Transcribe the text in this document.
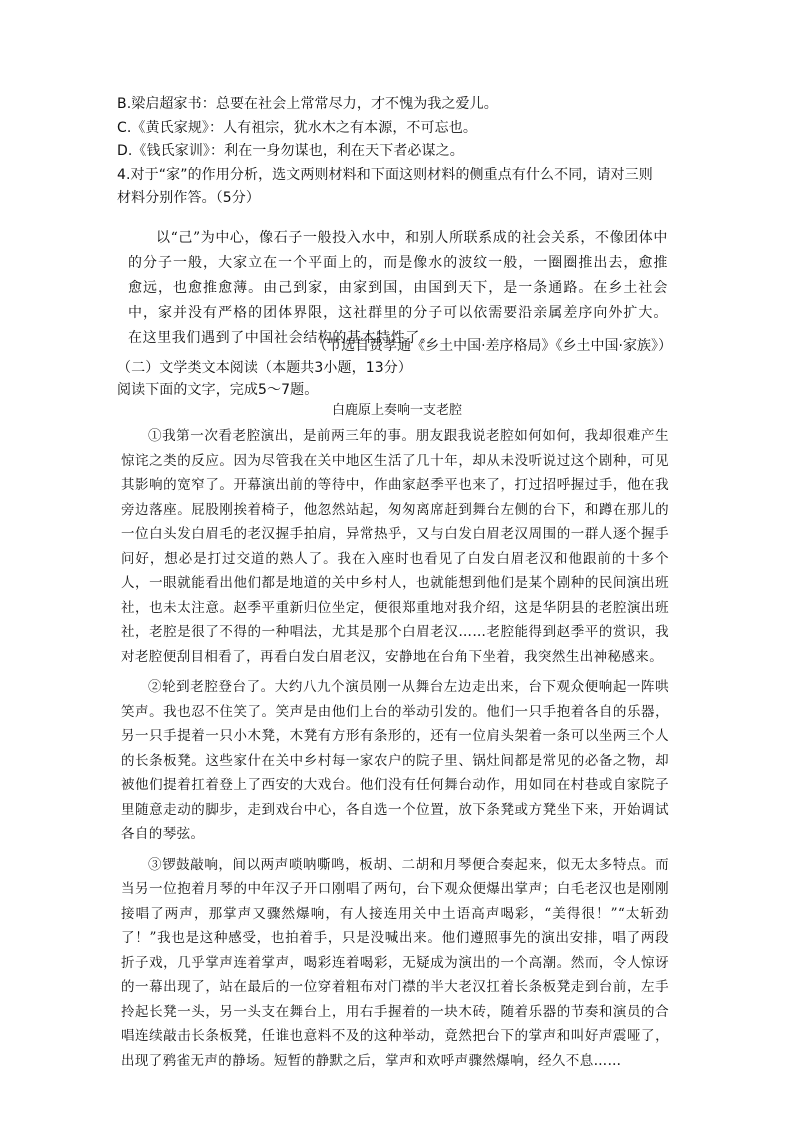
B.梁启超家书：总要在社会上常常尽力，才不愧为我之爱儿。
C.《黄氏家规》：人有祖宗，犹水木之有本源，不可忘也。
D.《钱氏家训》：利在一身勿谋也，利在天下者必谋之。
4.对于“家”的作用分析，选文两则材料和下面这则材料的侧重点有什么不同，请对三则
材料分别作答。（5分）
以“己”为中心，像石子一般投入水中，和别人所联系成的社会关系，不像团体中的分子一般，大家立在一个平面上的，而是像水的波纹一般，一圈圈推出去，愈推愈远，也愈推愈薄。由己到家，由家到国，由国到天下，是一条通路。在乡土社会中，家并没有严格的团体界限，这社群里的分子可以依需要沿亲属差序向外扩大。在这里我们遇到了中国社会结构的基本特性了。
（节选自费孝通《乡土中国·差序格局》《乡土中国·家族》）
（二）文学类文本阅读（本题共3小题，13分）
阅读下面的文字，完成5～7题。
白鹿原上奏响一支老腔

①我第一次看老腔演出，是前两三年的事。朋友跟我说老腔如何如何，我却很难产生惊诧之类的反应。因为尽管我在关中地区生活了几十年，却从未没听说过这个剧种，可见其影响的宽窄了。开幕演出前的等待中，作曲家赵季平也来了，打过招呼握过手，他在我旁边落座。屁股刚挨着椅子，他忽然站起，匆匆离席赶到舞台左侧的台下，和蹲在那儿的一位白头发白眉毛的老汉握手拍肩，异常热乎，又与白发白眉老汉周围的一群人逐个握手问好，想必是打过交道的熟人了。我在入座时也看见了白发白眉老汉和他跟前的十多个人，一眼就能看出他们都是地道的关中乡村人，也就能想到他们是某个剧种的民间演出班社，也未太注意。赵季平重新归位坐定，便很郑重地对我介绍，这是华阴县的老腔演出班社，老腔是很了不得的一种唱法，尤其是那个白眉老汉……老腔能得到赵季平的赏识，我对老腔便刮目相看了，再看白发白眉老汉，安静地在台角下坐着，我突然生出神秘感来。

②轮到老腔登台了。大约八九个演员刚一从舞台左边走出来，台下观众便响起一阵哄笑声。我也忍不住笑了。笑声是由他们上台的举动引发的。他们一只手抱着各自的乐器，另一只手提着一只小木凳，木凳有方形有条形的，还有一位肩头架着一条可以坐两三个人的长条板凳。这些家什在关中乡村每一家农户的院子里、锅灶间都是常见的必备之物，却被他们提着扛着登上了西安的大戏台。他们没有任何舞台动作，用如同在村巷或自家院子里随意走动的脚步，走到戏台中心，各自选一个位置，放下条凳或方凳坐下来，开始调试各自的琴弦。

③锣鼓敲响，间以两声唢呐嘶鸣，板胡、二胡和月琴便合奏起来，似无太多特点。而当另一位抱着月琴的中年汉子开口刚唱了两句，台下观众便爆出掌声；白毛老汉也是刚刚接唱了两声，那掌声又骤然爆响，有人接连用关中土语高声喝彩，“美得很！”“太斩劲了！”我也是这种感受，也拍着手，只是没喊出来。他们遵照事先的演出安排，唱了两段折子戏，几乎掌声连着掌声，喝彩连着喝彩，无疑成为演出的一个高潮。然而，令人惊讶的一幕出现了，站在最后的一位穿着粗布对门襟的半大老汉扛着长条板凳走到台前，左手拎起长凳一头，另一头支在舞台上，用右手握着的一块木砖，随着乐器的节奏和演员的合唱连续敲击长条板凳，任谁也意料不及的这种举动，竟然把台下的掌声和叫好声震哑了，出现了鸦雀无声的静场。短暂的静默之后，掌声和欢呼声骤然爆响，经久不息……
